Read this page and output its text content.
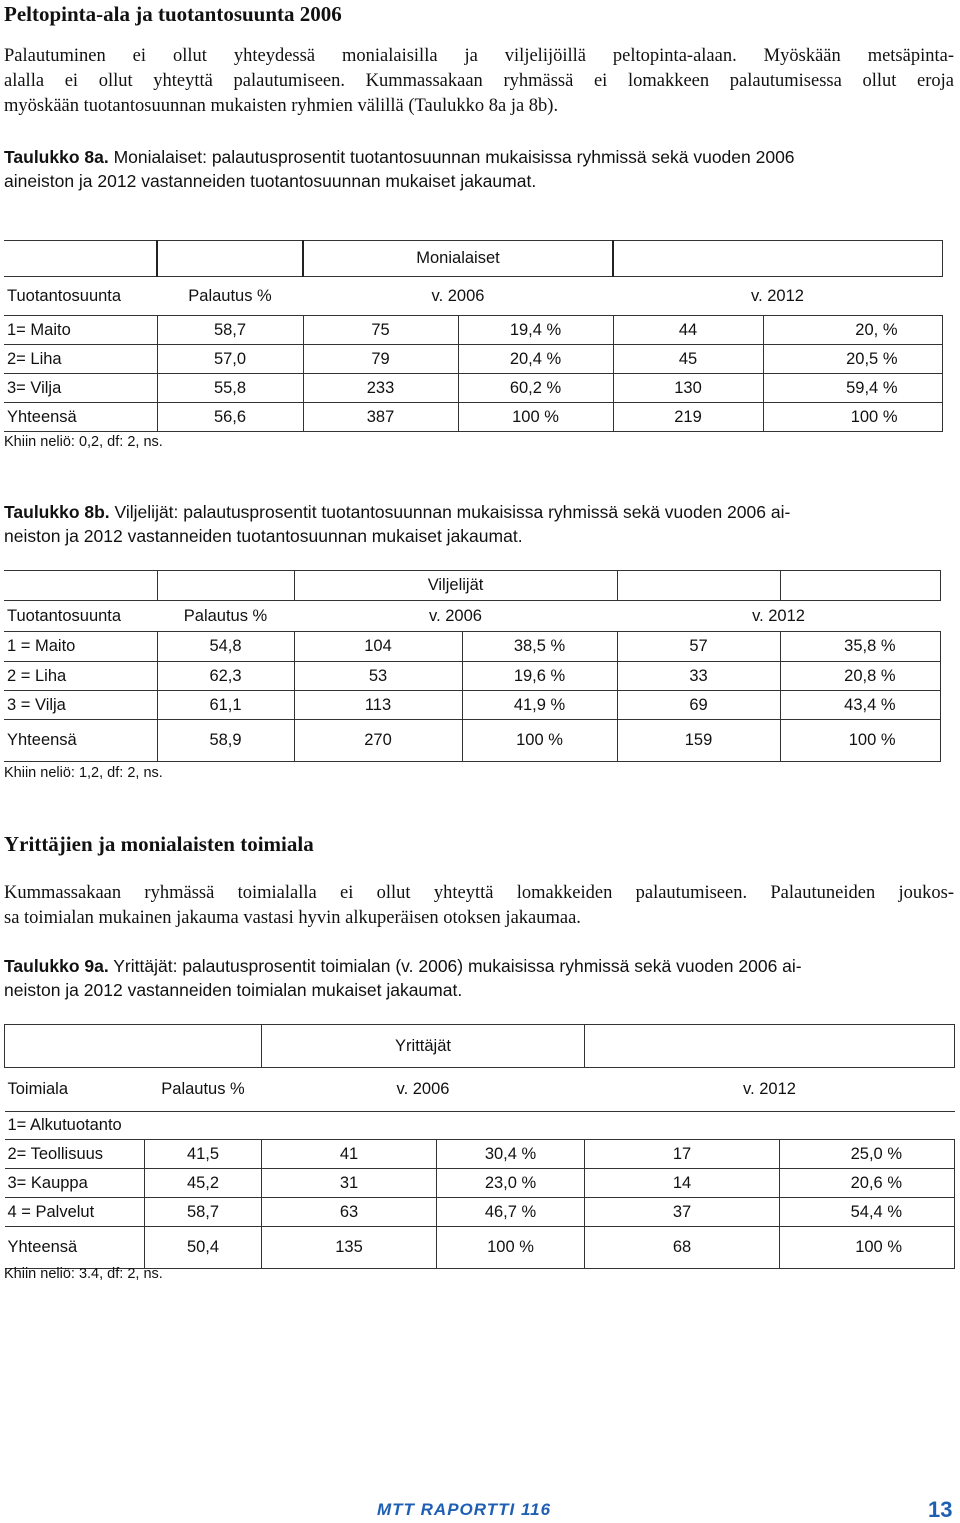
Peltopinta-ala ja tuotantosuunta 2006
Palautuminen ei ollut yhteydessä monialaisilla ja viljelijöillä peltopinta-alaan. Myöskään metsäpinta-
alalla ei ollut yhteyttä palautumiseen. Kummassakaan ryhmässä ei lomakkeen palautumisessa ollut eroja
myöskään tuotantosuunnan mukaisten ryhmien välillä (Taulukko 8a ja 8b).
Taulukko 8a. Monialaiset: palautusprosentit tuotantosuunnan mukaisissa ryhmissä sekä vuoden 2006
aineiston ja 2012 vastanneiden tuotantosuunnan mukaiset jakaumat.
		Monialaiset			
Tuotantosuunta	Palautus %	v. 2006		v. 2012	
1= Maito	58,7	75	19,4 %	44	20, %
2= Liha	57,0	79	20,4 %	45	20,5 %
3= Vilja	55,8	233	60,2 %	130	59,4 %
Yhteensä	56,6	387	100 %	219	100 %
Khiin neliö: 0,2, df: 2, ns.
Taulukko 8b. Viljelijät: palautusprosentit tuotantosuunnan mukaisissa ryhmissä sekä vuoden 2006 ai-
neiston ja 2012 vastanneiden tuotantosuunnan mukaiset jakaumat.
		Viljelijät			
Tuotantosuunta	Palautus %	v. 2006		v. 2012	
1 = Maito	54,8	104	38,5 %	57	35,8 %
2 = Liha	62,3	53	19,6 %	33	20,8 %
3 = Vilja	61,1	113	41,9 %	69	43,4 %
Yhteensä	58,9	270	100 %	159	100 %
Khiin neliö: 1,2, df: 2, ns.
Yrittäjien ja monialaisten toimiala
Kummassakaan ryhmässä toimialalla ei ollut yhteyttä lomakkeiden palautumiseen. Palautuneiden joukos-
sa toimialan mukainen jakauma vastasi hyvin alkuperäisen otoksen jakaumaa.
Taulukko 9a. Yrittäjät: palautusprosentit toimialan (v. 2006) mukaisissa ryhmissä sekä vuoden 2006 ai-
neiston ja 2012 vastanneiden toimialan mukaiset jakaumat.
		Yrittäjät			
Toimiala	Palautus %	v. 2006		v. 2012	
1= Alkutuotanto					
2= Teollisuus	41,5	41	30,4 %	17	25,0 %
3= Kauppa	45,2	31	23,0 %	14	20,6 %
4 = Palvelut	58,7	63	46,7 %	37	54,4 %
Yhteensä	50,4	135	100 %	68	100 %
Khiin neliö: 3.4, df: 2, ns.
MTT RAPORTTI 116	13
